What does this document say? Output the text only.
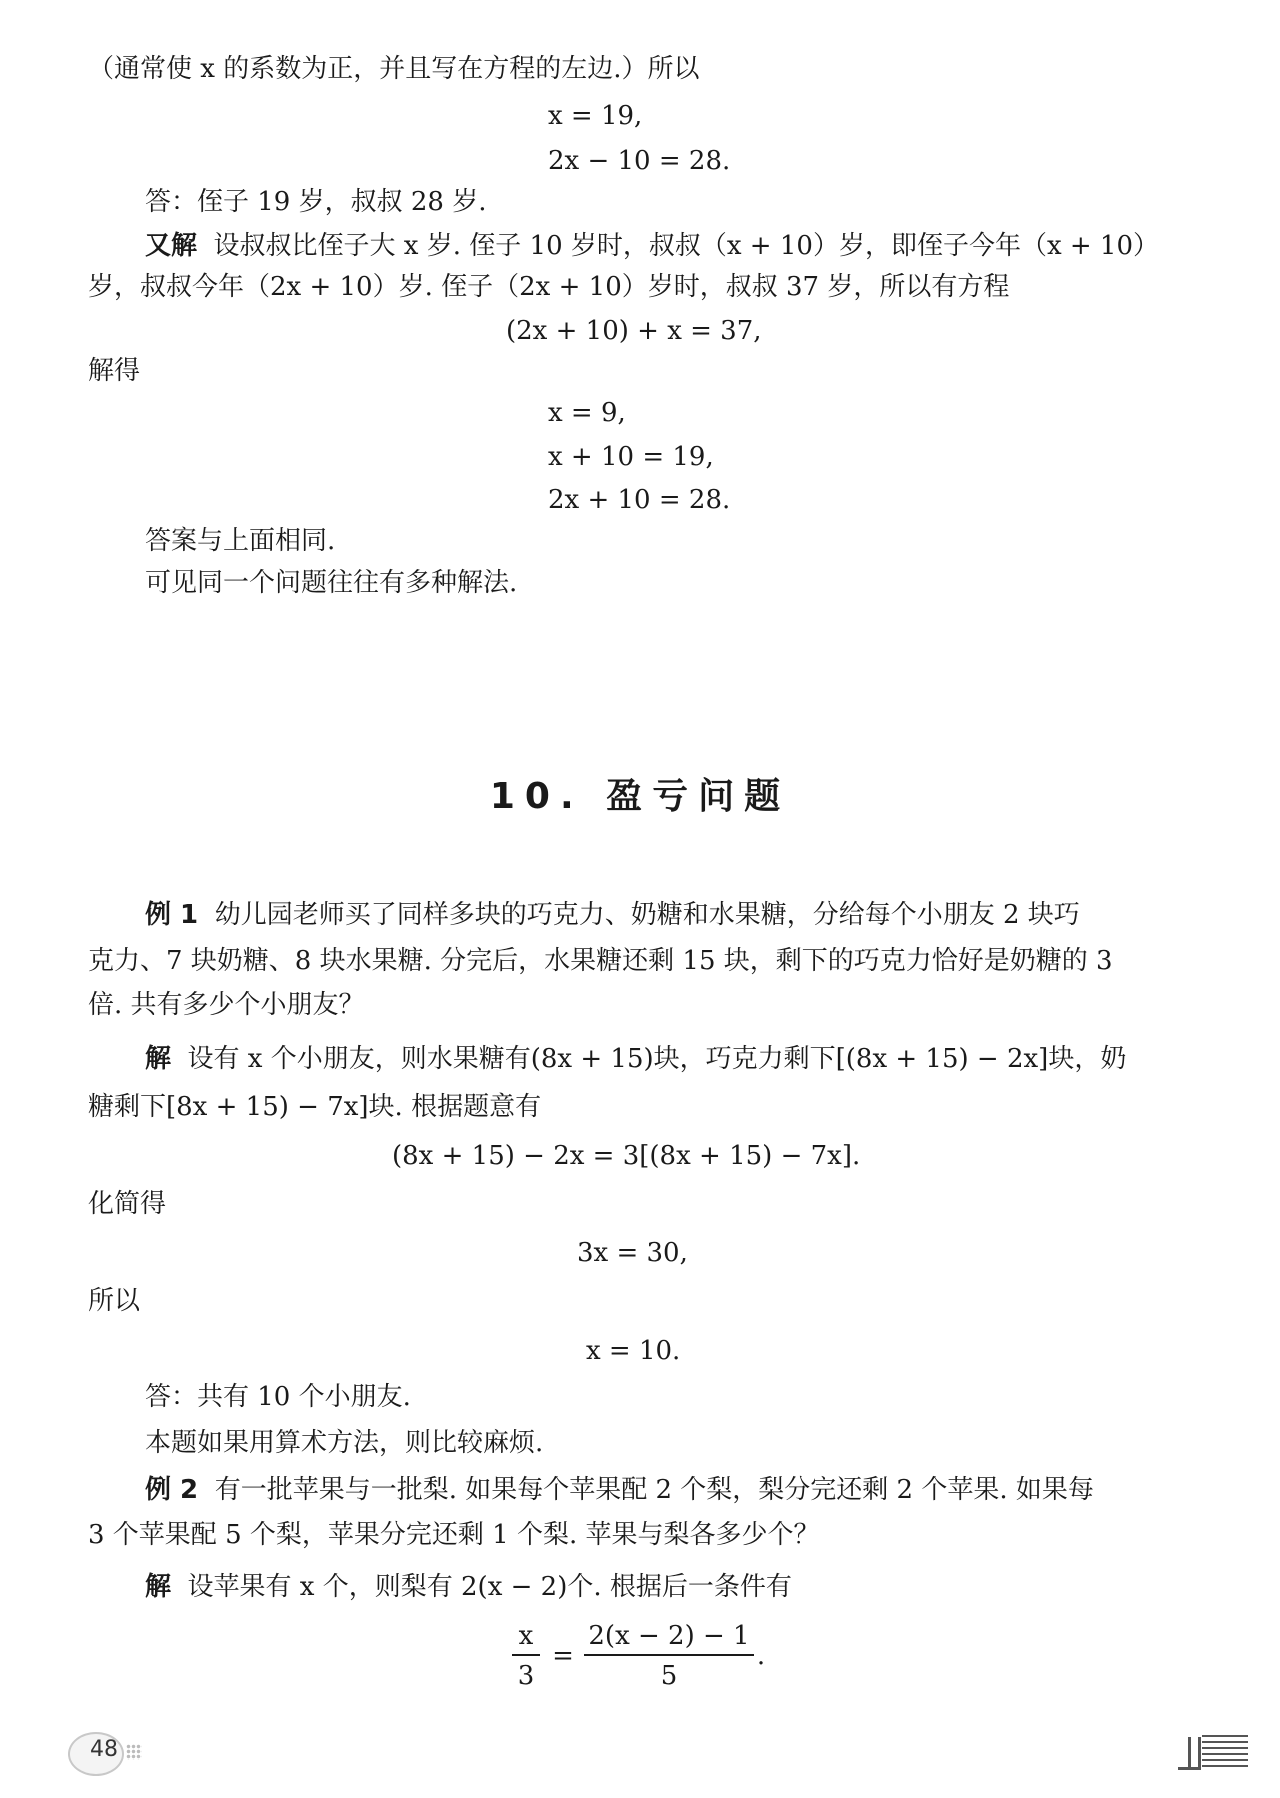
（通常使 x 的系数为正，并且写在方程的左边.）所以
x = 19,
2x − 10 = 28.
答：侄子 19 岁，叔叔 28 岁.
又解 设叔叔比侄子大 x 岁. 侄子 10 岁时，叔叔（x + 10）岁，即侄子今年（x + 10）
岁，叔叔今年（2x + 10）岁. 侄子（2x + 10）岁时，叔叔 37 岁，所以有方程
(2x + 10) + x = 37,
解得
x = 9,
x + 10 = 19,
2x + 10 = 28.
答案与上面相同.
可见同一个问题往往有多种解法.
10. 盈亏问题
例 1 幼儿园老师买了同样多块的巧克力、奶糖和水果糖，分给每个小朋友 2 块巧
克力、7 块奶糖、8 块水果糖. 分完后，水果糖还剩 15 块，剩下的巧克力恰好是奶糖的 3
倍. 共有多少个小朋友？
解 设有 x 个小朋友，则水果糖有(8x + 15)块，巧克力剩下[(8x + 15) − 2x]块，奶
糖剩下[8x + 15) − 7x]块. 根据题意有
(8x + 15) − 2x = 3[(8x + 15) − 7x].
化简得
3x = 30,
所以
x = 10.
答：共有 10 个小朋友.
本题如果用算术方法，则比较麻烦.
例 2 有一批苹果与一批梨. 如果每个苹果配 2 个梨，梨分完还剩 2 个苹果. 如果每
3 个苹果配 5 个梨，苹果分完还剩 1 个梨. 苹果与梨各多少个？
解 设苹果有 x 个，则梨有 2(x − 2)个. 根据后一条件有
x
3
=
2(x − 2) − 1
5
.
48
